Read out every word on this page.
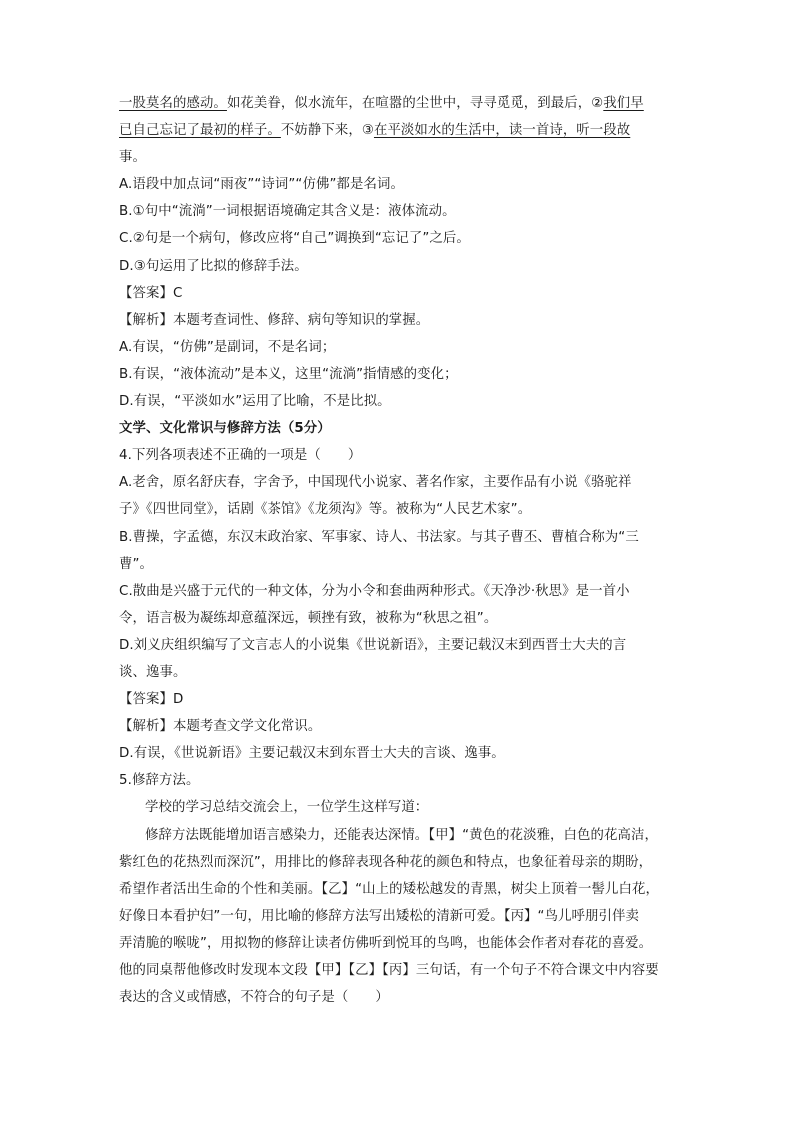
一股莫名的感动。如花美眷，似水流年，在喧嚣的尘世中，寻寻觅觅，到最后，②我们早
已自己忘记了最初的样子。不妨静下来，③在平淡如水的生活中，读一首诗，听一段故
事。
A.语段中加点词“雨夜”“诗词”“仿佛”都是名词。
B.①句中“流淌”一词根据语境确定其含义是：液体流动。
C.②句是一个病句，修改应将“自己”调换到“忘记了”之后。
D.③句运用了比拟的修辞手法。
【答案】C
【解析】本题考查词性、修辞、病句等知识的掌握。
A.有误，“仿佛”是副词，不是名词；
B.有误，“液体流动”是本义，这里“流淌”指情感的变化；
D.有误，“平淡如水”运用了比喻，不是比拟。
文学、文化常识与修辞方法（5分）
4.下列各项表述不正确的一项是（　　）
A.老舍，原名舒庆春，字舍予，中国现代小说家、著名作家，主要作品有小说《骆驼祥
子》《四世同堂》，话剧《茶馆》《龙须沟》等。被称为“人民艺术家”。
B.曹操，字孟德，东汉末政治家、军事家、诗人、书法家。与其子曹丕、曹植合称为“三
曹”。
C.散曲是兴盛于元代的一种文体，分为小令和套曲两种形式。《天净沙·秋思》是一首小
令，语言极为凝练却意蕴深远，顿挫有致，被称为“秋思之祖”。
D.刘义庆组织编写了文言志人的小说集《世说新语》，主要记载汉末到西晋士大夫的言
谈、逸事。
【答案】D
【解析】本题考查文学文化常识。
D.有误，《世说新语》主要记载汉末到东晋士大夫的言谈、逸事。
5.修辞方法。
学校的学习总结交流会上，一位学生这样写道：
修辞方法既能增加语言感染力，还能表达深情。【甲】“黄色的花淡雅，白色的花高洁，
紫红色的花热烈而深沉”，用排比的修辞表现各种花的颜色和特点，也象征着母亲的期盼，
希望作者活出生命的个性和美丽。【乙】“山上的矮松越发的青黑，树尖上顶着一髻儿白花，
好像日本看护妇”一句，用比喻的修辞方法写出矮松的清新可爱。【丙】“鸟儿呼朋引伴卖
弄清脆的喉咙”，用拟物的修辞让读者仿佛听到悦耳的鸟鸣，也能体会作者对春花的喜爱。
他的同桌帮他修改时发现本文段【甲】【乙】【丙】三句话，有一个句子不符合课文中内容要
表达的含义或情感，不符合的句子是（　　）
